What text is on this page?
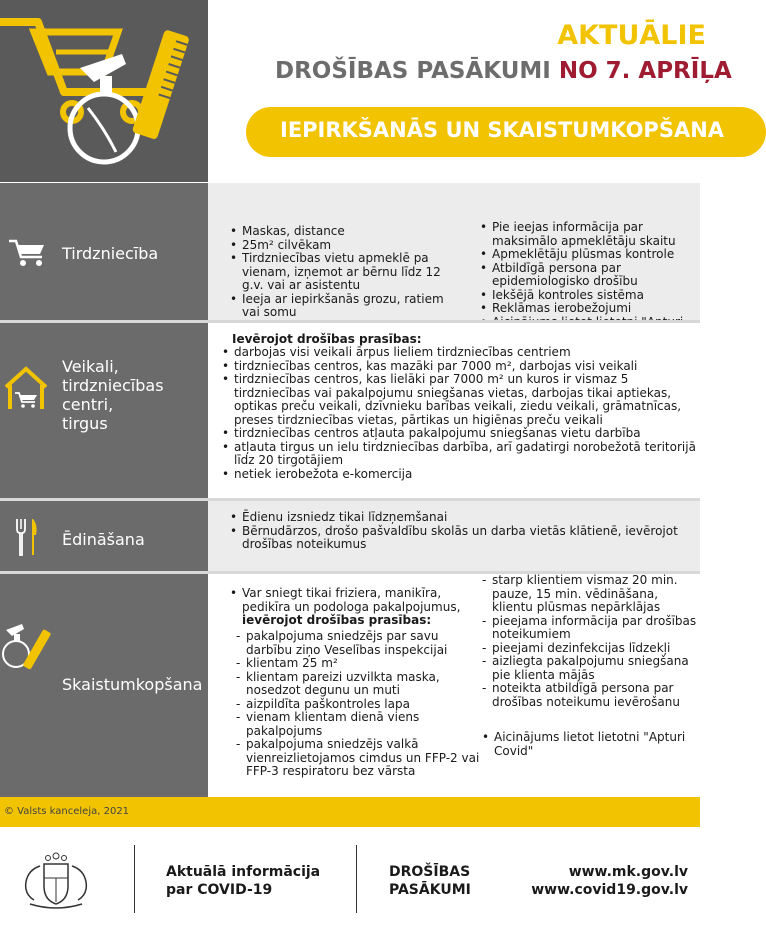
AKTUĀLIE
DROŠĪBAS PASĀKUMI NO 7. APRĪĻA
IEPIRKŠANĀS UN SKAISTUMKOPŠANA
Tirdzniecība
• Maskas, distance
• 25m² cilvēkam
• Tirdzniecības vietu apmeklē pa vienam, izņemot ar bērnu līdz 12 g.v. vai ar asistentu
• Ieeja ar iepirkšanās grozu, ratiem vai somu
•
• Pie ieejas informācija par maksimālo apmeklētāju skaitu
• Apmeklētāju plūsmas kontrole
• Atbildīgā persona par epidemiologisko drošību
• Iekšējā kontroles sistēma
• Reklāmas ierobežojumi
•
Veikali,
tirdzniecības
centri,
tirgus
Ievērojot drošības prasības:
• darbojas visi veikali ārpus lieliem tirdzniecības centriem
• tirdzniecības centros, kas mazāki par 7000 m², darbojas visi veikali
• tirdzniecības centros, kas lielāki par 7000 m² un kuros ir vismaz 5 tirdzniecības vai pakalpojumu sniegšanas vietas, darbojas tikai aptiekas, optikas preču veikali, dzīvnieku barības veikali, ziedu veikali, grāmatnīcas, preses tirdzniecības vietas, pārtikas un higiēnas preču veikali
• tirdzniecības centros atļauta pakalpojumu sniegšanas vietu darbība
• atļauta tirgus un ielu tirdzniecības darbība, arī gadatirgi norobežotā teritorijā līdz 20 tirgotājiem
• netiek ierobežota e-komercija
Ēdināšana
• Ēdienu izsniedz tikai līdzņemšanai
• Bērnudārzos, drošo pašvaldību skolās un darba vietās klātienē, ievērojot drošības noteikumus
Skaistumkopšana
• Var sniegt tikai friziera, manikīra, pedikīra un podologa pakalpojumus, ievērojot drošības prasības:
- pakalpojuma sniedzējs par savu darbību ziņo Veselības inspekcijai
- klientam 25 m²
- klientam pareizi uzvilkta maska, nosedzot degunu un muti
- aizpildīta paškontroles lapa
- vienam klientam dienā viens pakalpojums
- pakalpojuma sniedzējs valkā vienreizlietojamos cimdus un FFP-2 vai FFP-3 respiratoru bez vārsta
- starp klientiem vismaz 20 min. pauze, 15 min. vēdināšana, klientu plūsmas nepārklājas
- pieejama informācija par drošības noteikumiem
- pieejami dezinfekcijas līdzekļi
- aizliegta pakalpojumu sniegšana pie klienta mājās
- noteikta atbildīgā persona par drošības noteikumu ievērošanu
• Aicinājums lietot lietotni "Apturi Covid"
© Valsts kanceleja, 2021
Aktuālā informācija
par COVID-19
DROŠĪBAS
PASĀKUMI
www.mk.gov.lv
www.covid19.gov.lv
